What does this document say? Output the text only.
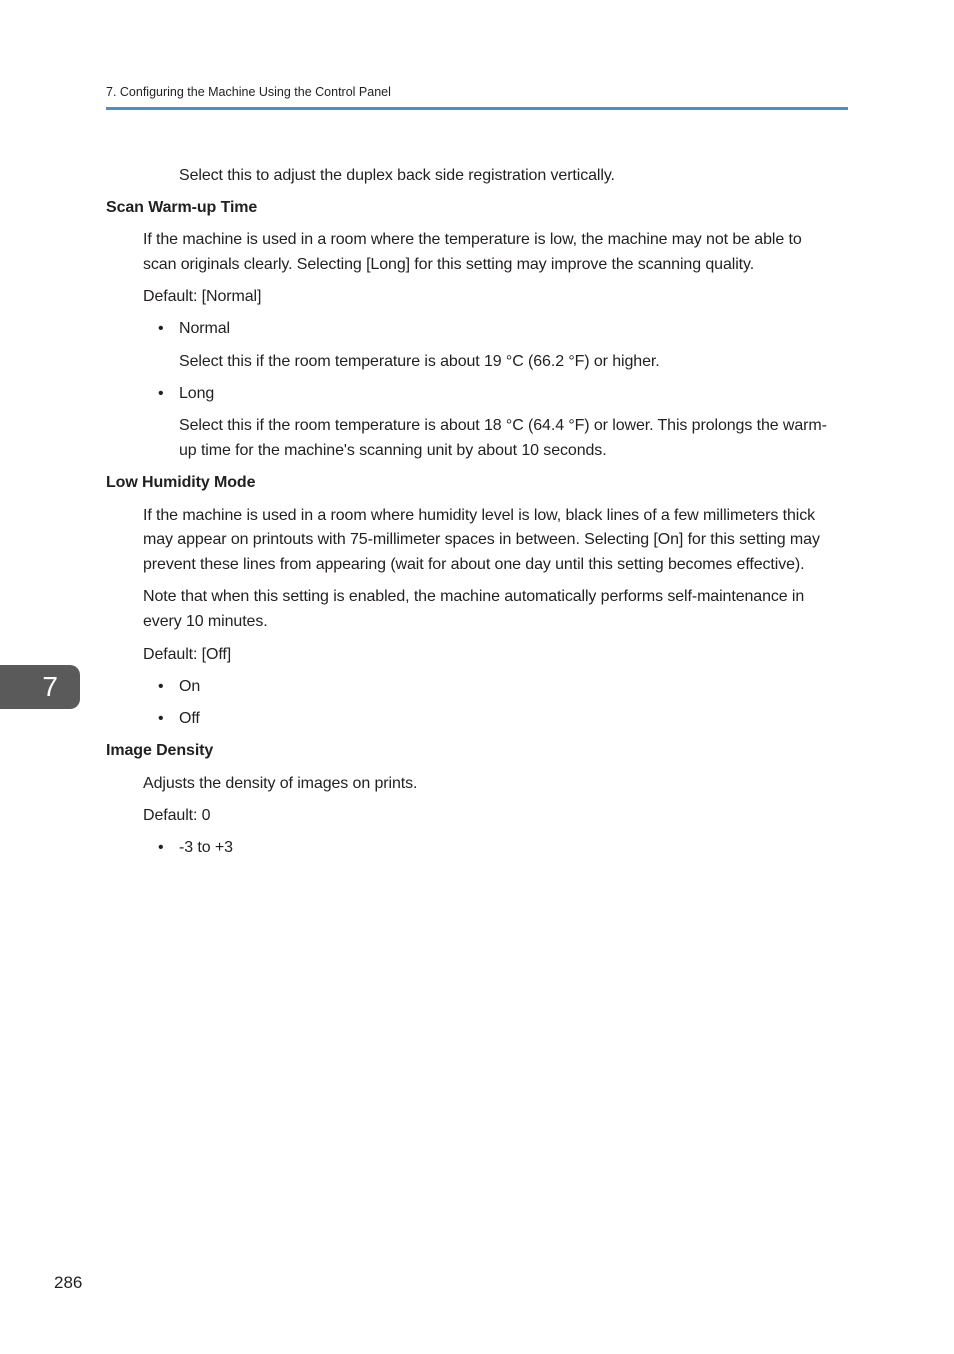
7. Configuring the Machine Using the Control Panel
Select this to adjust the duplex back side registration vertically.
Scan Warm-up Time
If the machine is used in a room where the temperature is low, the machine may not be able to
scan originals clearly. Selecting [Long] for this setting may improve the scanning quality.
Default: [Normal]
• Normal
Select this if the room temperature is about 19 °C (66.2 °F) or higher.
• Long
Select this if the room temperature is about 18 °C (64.4 °F) or lower. This prolongs the warm-
up time for the machine's scanning unit by about 10 seconds.
Low Humidity Mode
If the machine is used in a room where humidity level is low, black lines of a few millimeters thick
may appear on printouts with 75-millimeter spaces in between. Selecting [On] for this setting may
prevent these lines from appearing (wait for about one day until this setting becomes effective).
Note that when this setting is enabled, the machine automatically performs self-maintenance in
every 10 minutes.
Default: [Off]
• On
• Off
Image Density
Adjusts the density of images on prints.
Default: 0
• -3 to +3
7
286
